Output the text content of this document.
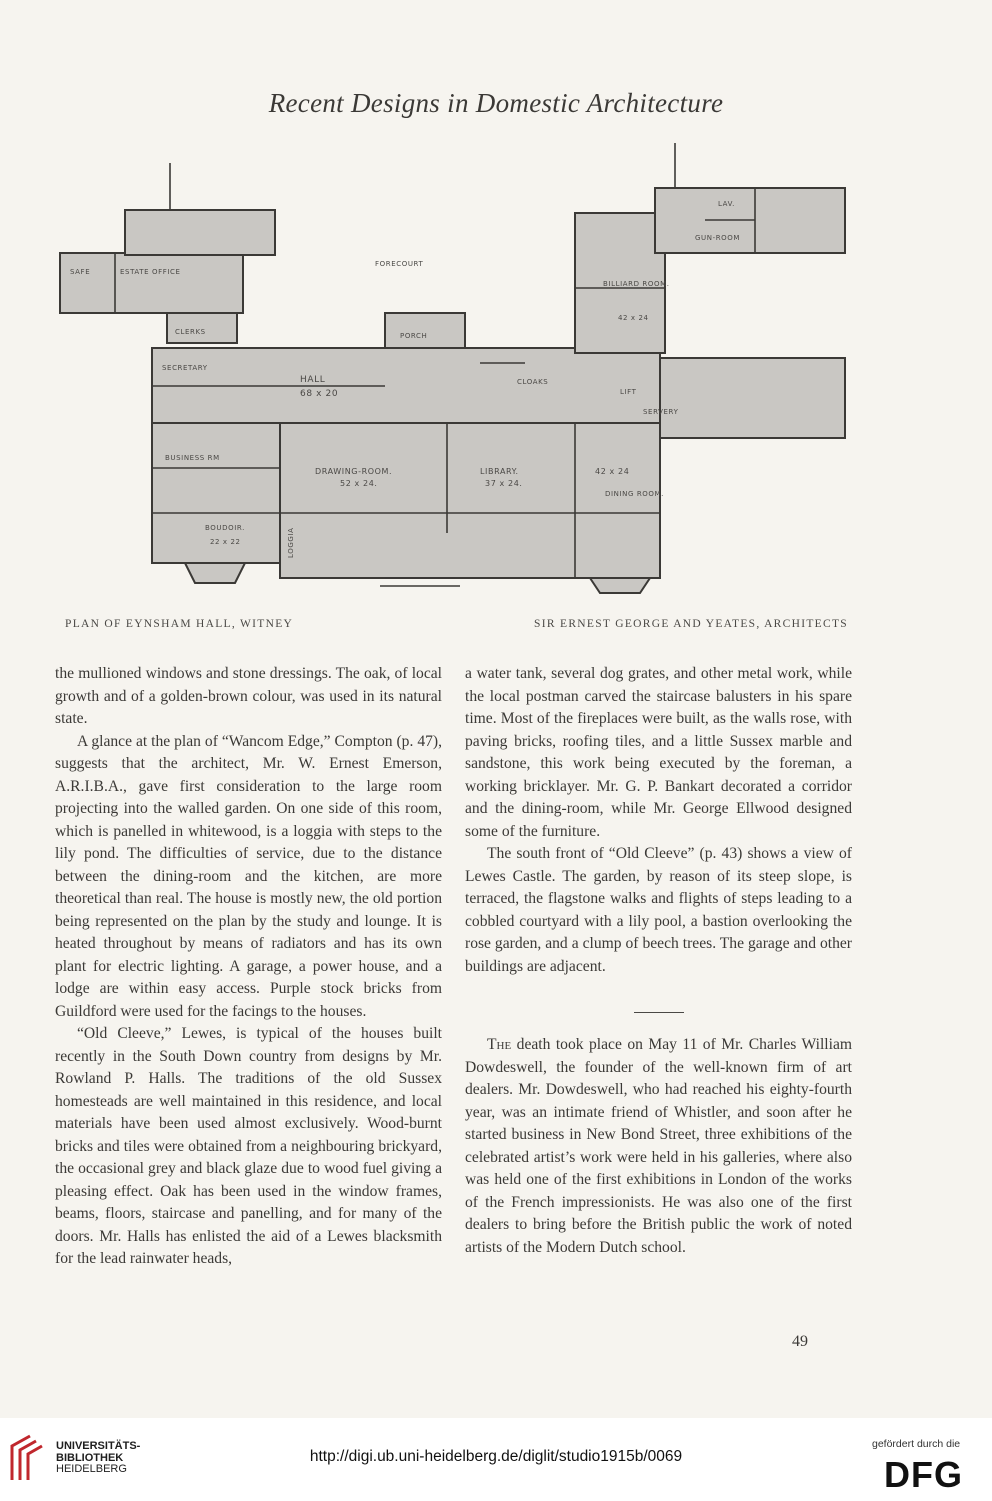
Recent Designs in Domestic Architecture
SAFE	ESTATE OFFICE
FORECOURT
LAV.
GUN-ROOM
BILLIARD ROOM.
42 x 24
CLERKS	PORCH
SECRETARY
HALL
68 x 20
CLOAKS
LIFT
SERVERY
BUSINESS RM
DRAWING-ROOM.
52 x 24.
LIBRARY.
37 x 24.
42 x 24
DINING ROOM.
BOUDOIR.
22 x 22	LOGGIA
PLAN OF EYNSHAM HALL, WITNEY	SIR ERNEST GEORGE AND YEATES, ARCHITECTS

the mullioned windows and stone dressings. The oak, of local growth and of a golden-brown colour, was used in its natural state.

A glance at the plan of “Wancom Edge,” Compton (p. 47), suggests that the architect, Mr. W. Ernest Emerson, A.R.I.B.A., gave first consideration to the large room projecting into the walled garden. On one side of this room, which is panelled in whitewood, is a loggia with steps to the lily pond. The difficulties of service, due to the distance between the dining-room and the kitchen, are more theoretical than real. The house is mostly new, the old portion being represented on the plan by the study and lounge. It is heated throughout by means of radiators and has its own plant for electric lighting. A garage, a power house, and a lodge are within easy access. Purple stock bricks from Guildford were used for the facings to the houses.

“Old Cleeve,” Lewes, is typical of the houses built recently in the South Down country from designs by Mr. Rowland P. Halls. The traditions of the old Sussex homesteads are well maintained in this residence, and local materials have been used almost exclusively. Wood-burnt bricks and tiles were obtained from a neighbouring brickyard, the occasional grey and black glaze due to wood fuel giving a pleasing effect. Oak has been used in the window frames, beams, floors, staircase and panelling, and for many of the doors. Mr. Halls has enlisted the aid of a Lewes blacksmith for the lead rainwater heads,

a water tank, several dog grates, and other metal work, while the local postman carved the staircase balusters in his spare time. Most of the fireplaces were built, as the walls rose, with paving bricks, roofing tiles, and a little Sussex marble and sandstone, this work being executed by the foreman, a working bricklayer. Mr. G. P. Bankart decorated a corridor and the dining-room, while Mr. George Ellwood designed some of the furniture.

The south front of “Old Cleeve” (p. 43) shows a view of Lewes Castle. The garden, by reason of its steep slope, is terraced, the flagstone walks and flights of steps leading to a cobbled courtyard with a lily pool, a bastion overlooking the rose garden, and a clump of beech trees. The garage and other buildings are adjacent.

The death took place on May 11 of Mr. Charles William Dowdeswell, the founder of the well-known firm of art dealers. Mr. Dowdeswell, who had reached his eighty-fourth year, was an intimate friend of Whistler, and soon after he started business in New Bond Street, three exhibitions of the celebrated artist’s work were held in his galleries, where also was held one of the first exhibitions in London of the works of the French impressionists. He was also one of the first dealers to bring before the British public the work of noted artists of the Modern Dutch school.

49
UNIVERSITÄTS-
BIBLIOTHEK
HEIDELBERG
http://digi.ub.uni-heidelberg.de/diglit/studio1915b/0069
gefördert durch die
DFG
